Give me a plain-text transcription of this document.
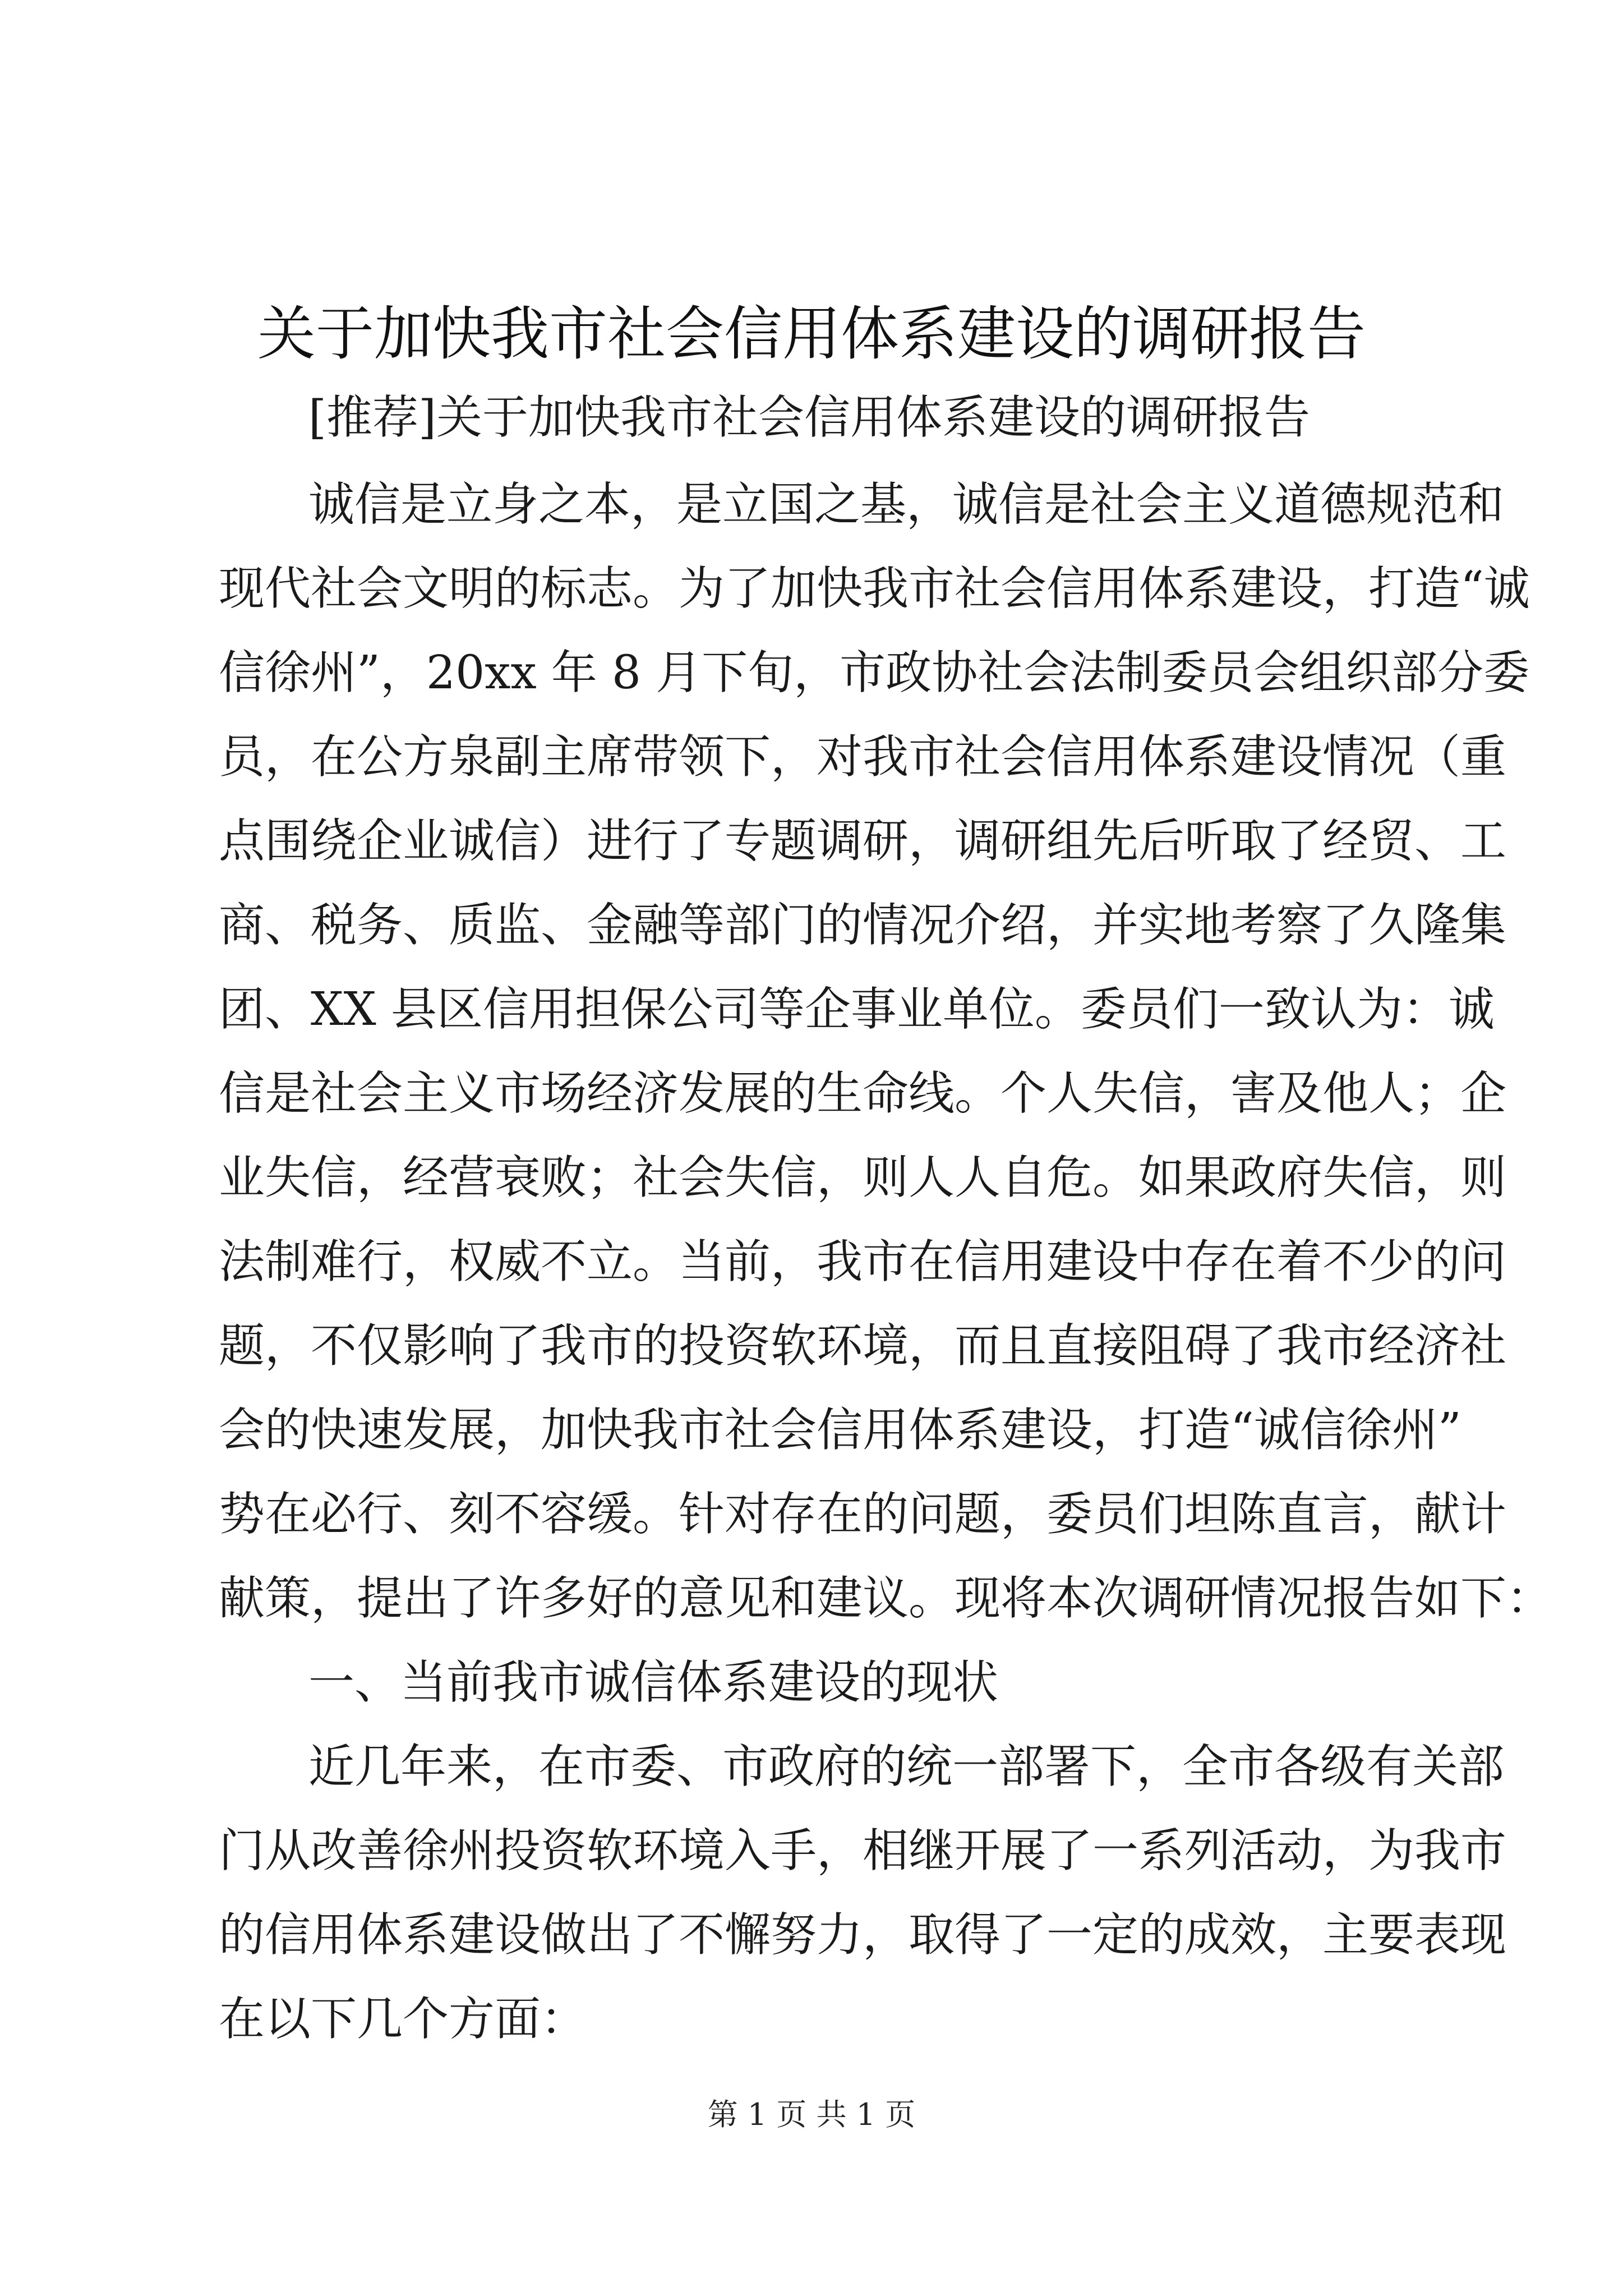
关于加快我市社会信用体系建设的调研报告
[推荐]关于加快我市社会信用体系建设的调研报告
诚信是立身之本，是立国之基，诚信是社会主义道德规范和
现代社会文明的标志。为了加快我市社会信用体系建设，打造“诚
信徐州”，20xx 年 8 月下旬，市政协社会法制委员会组织部分委
员，在公方泉副主席带领下，对我市社会信用体系建设情况（重
点围绕企业诚信）进行了专题调研，调研组先后听取了经贸、工
商、税务、质监、金融等部门的情况介绍，并实地考察了久隆集
团、XX 县区信用担保公司等企事业单位。委员们一致认为：诚
信是社会主义市场经济发展的生命线。个人失信，害及他人；企
业失信，经营衰败；社会失信，则人人自危。如果政府失信，则
法制难行，权威不立。当前，我市在信用建设中存在着不少的问
题，不仅影响了我市的投资软环境，而且直接阻碍了我市经济社
会的快速发展，加快我市社会信用体系建设，打造“诚信徐州”
势在必行、刻不容缓。针对存在的问题，委员们坦陈直言，献计
献策，提出了许多好的意见和建议。现将本次调研情况报告如下：
一、当前我市诚信体系建设的现状
近几年来，在市委、市政府的统一部署下，全市各级有关部
门从改善徐州投资软环境入手，相继开展了一系列活动，为我市
的信用体系建设做出了不懈努力，取得了一定的成效，主要表现
在以下几个方面：
第 1 页 共 1 页
